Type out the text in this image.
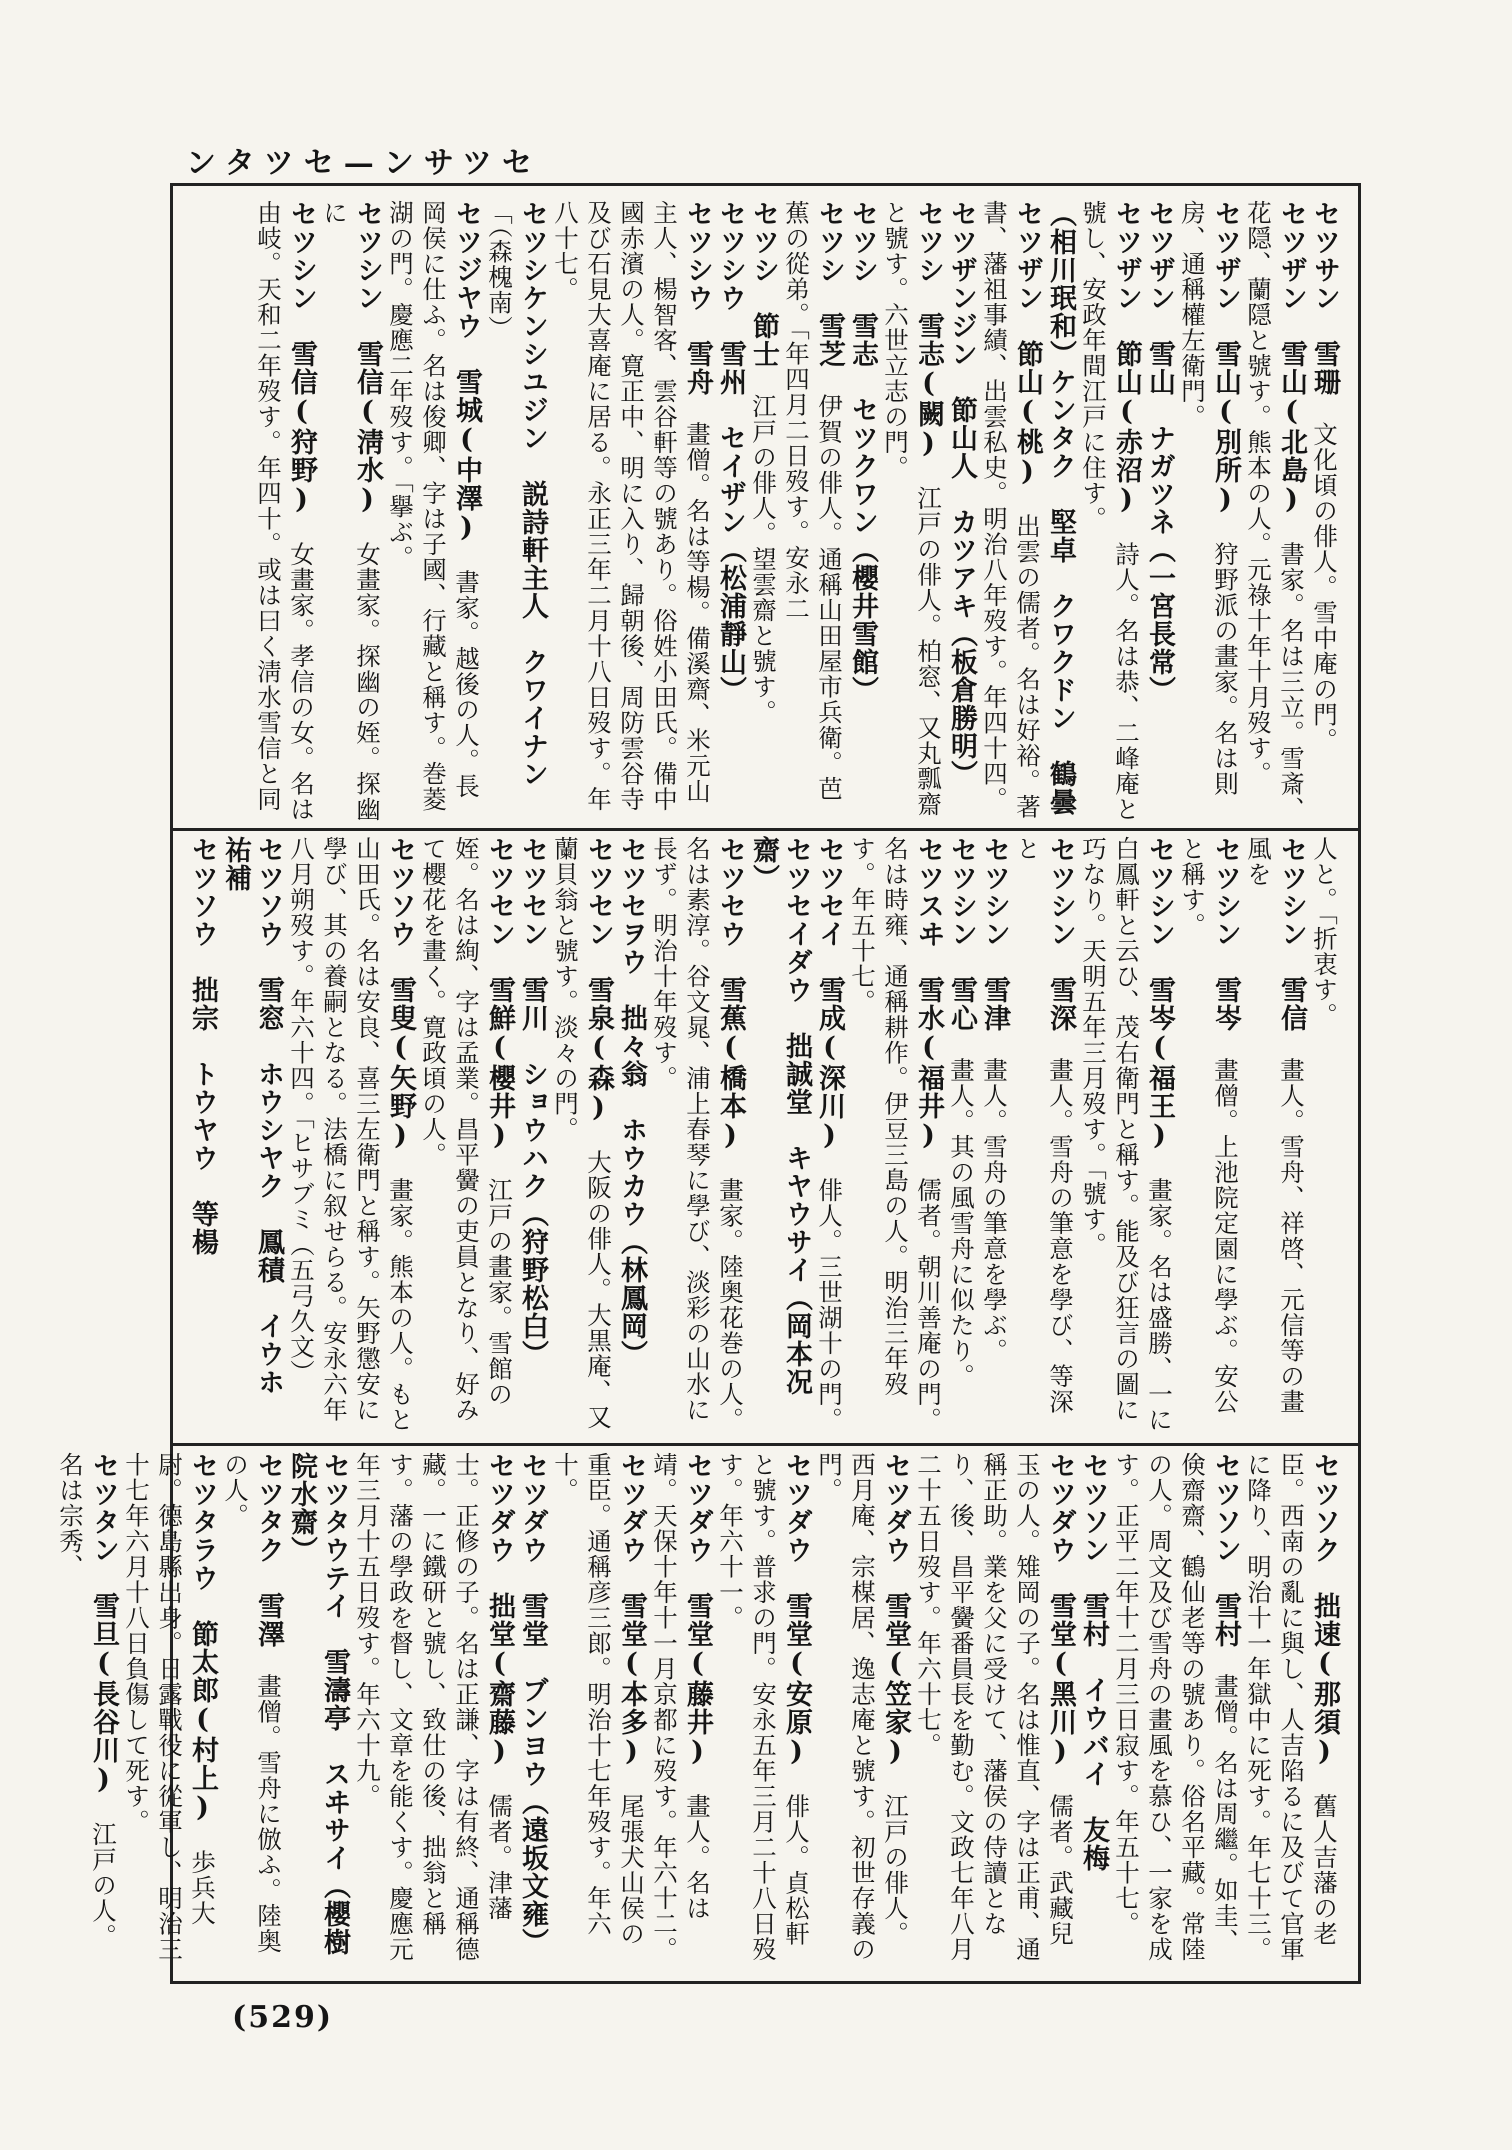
セツサン—セツタン
セツサン　雪珊　文化頃の俳人。雪中庵の門。
セツザン　雪山(北島)　書家。名は三立。雪斎、花隠、蘭隠と號す。熊本の人。元祿十年十月歿す。
セツザン　雪山(別所)　狩野派の畫家。名は則房、通稱權左衛門。
セツザン　雪山　ナガツネ（一宮長常）
セツザン　節山(赤沼)　詩人。名は恭、二峰庵と號し、安政年間江戸に住す。
（相川珉和）ケンタク　堅卓　クワクドン　鶴曇
セツザン　節山(桃)　出雲の儒者。名は好裕。著書、藩祖事績、出雲私史。明治八年歿す。年四十四。
セツザンジン　節山人　カツアキ（板倉勝明）
セツシ　雪志(闕)　江戸の俳人。柏窓、又丸瓢齋と號す。六世立志の門。
セツシ　雪志　セツクワン（櫻井雪館）
セツシ　雪芝　伊賀の俳人。通稱山田屋市兵衛。芭蕉の從弟。「年四月二日歿す。安永二
セツシ　節士　江戸の俳人。望雲齋と號す。
セツシウ　雪州　セイザン（松浦靜山）
セツシウ　雪舟　畫僧。名は等楊。備溪齋、米元山主人、楊智客、雲谷軒等の號あり。俗姓小田氏。備中國赤濱の人。寛正中、明に入り、歸朝後、周防雲谷寺及び石見大喜庵に居る。永正三年二月十八日歿す。年八十七。
セツシケンシユジン　説詩軒主人　クワイナン　「（森槐南）
セツジヤウ　雪城(中澤)　書家。越後の人。長岡侯に仕ふ。名は俊卿、字は子國、行藏と稱す。巻菱湖の門。慶應二年歿す。「擧ぶ。
セツシン　雪信(淸水)　女畫家。探幽の姪。探幽に
セツシン　雪信(狩野)　女畫家。孝信の女。名は由岐。天和二年歿す。年四十。或は曰く淸水雪信と同
人と。「折衷す。
セツシン　雪信　畫人。雪舟、祥啓、元信等の畫風を
セツシン　雪岑　畫僧。上池院定園に學ぶ。安公と稱す。
セツシン　雪岑(福王)　畫家。名は盛勝、一に白鳳軒と云ひ、茂右衛門と稱す。能及び狂言の圖に巧なり。天明五年三月歿す。「號す。
セツシン　雪深　畫人。雪舟の筆意を學び、等深と
セツシン　雪津　畫人。雪舟の筆意を學ぶ。
セツシン　雪心　畫人。其の風雪舟に似たり。
セツスヰ　雪水(福井)　儒者。朝川善庵の門。名は時雍、通稱耕作。伊豆三島の人。明治三年歿す。年五十七。
セツセイ　雪成(深川)　俳人。三世湖十の門。
セツセイダウ　拙誠堂　キヤウサイ（岡本况齋）
セツセウ　雪蕉(橋本)　畫家。陸奥花巻の人。名は素淳。谷文晁、浦上春琴に學び、淡彩の山水に長ず。明治十年歿す。
セツセヲウ　拙々翁　ホウカウ（林鳳岡）
セツセン　雪泉(森)　大阪の俳人。大黒庵、又蘭貝翁と號す。淡々の門。
セツセン　雪川　ショウハク（狩野松白）
セツセン　雪鮮(櫻井)　江戸の畫家。雪館の姪。名は絢、字は孟業。昌平黌の吏員となり、好みて櫻花を畫く。寛政頃の人。
セツソウ　雪叟(矢野)　畫家。熊本の人。もと山田氏。名は安良、喜三左衛門と稱す。矢野懲安に學び、其の養嗣となる。法橋に叙せらる。安永六年八月朔歿す。年六十四。「ヒサブミ（五弓久文）
セツソウ　雪窓　ホウシヤク　鳳積　イウホ　祐補
セツソウ　拙宗　トウヤウ　等楊
セツソク　拙速(那須)　舊人吉藩の老臣。西南の亂に與し、人吉陷るに及びて官軍に降り、明治十一年獄中に死す。年七十三。
セツソン　雪村　畫僧。名は周繼。如圭、倹齋齋、鶴仙老等の號あり。俗名平藏。常陸の人。周文及び雪舟の畫風を慕ひ、一家を成す。正平二年十二月三日寂す。年五十七。
セツソン　雪村　イウバイ　友梅
セツダウ　雪堂(黑川)　儒者。武藏兒玉の人。雉岡の子。名は惟直、字は正甫、通稱正助。業を父に受けて、藩侯の侍讀となり、後、昌平黌番員長を勤む。文政七年八月二十五日歿す。年六十七。
セツダウ　雪堂(笠家)　江戸の俳人。西月庵、宗楳居、逸志庵と號す。初世存義の門。
セツダウ　雪堂(安原)　俳人。貞松軒と號す。普求の門。安永五年三月二十八日歿す。年六十一。
セツダウ　雪堂(藤井)　畫人。名は靖。天保十年十一月京都に歿す。年六十二。
セツダウ　雪堂(本多)　尾張犬山侯の重臣。通稱彦三郎。明治十七年歿す。年六十。
セツダウ　雪堂　ブンヨウ（遠坂文雍）
セツダウ　拙堂(齋藤)　儒者。津藩士。正修の子。名は正謙、字は有終、通稱德藏。一に鐵研と號し、致仕の後、拙翁と稱す。藩の學政を督し、文章を能くす。慶應元年三月十五日歿す。年六十九。
セツタウテイ　雪濤亭　スヰサイ（櫻樹院水齋）
セツタク　雪澤　畫僧。雪舟に倣ふ。陸奥の人。
セツタラウ　節太郎(村上)　歩兵大尉。德島縣出身。日露戰役に從軍し、明治三十七年六月十八日負傷して死す。
セツタン　雪旦(長谷川)　江戸の人。名は宗秀、
(529)
